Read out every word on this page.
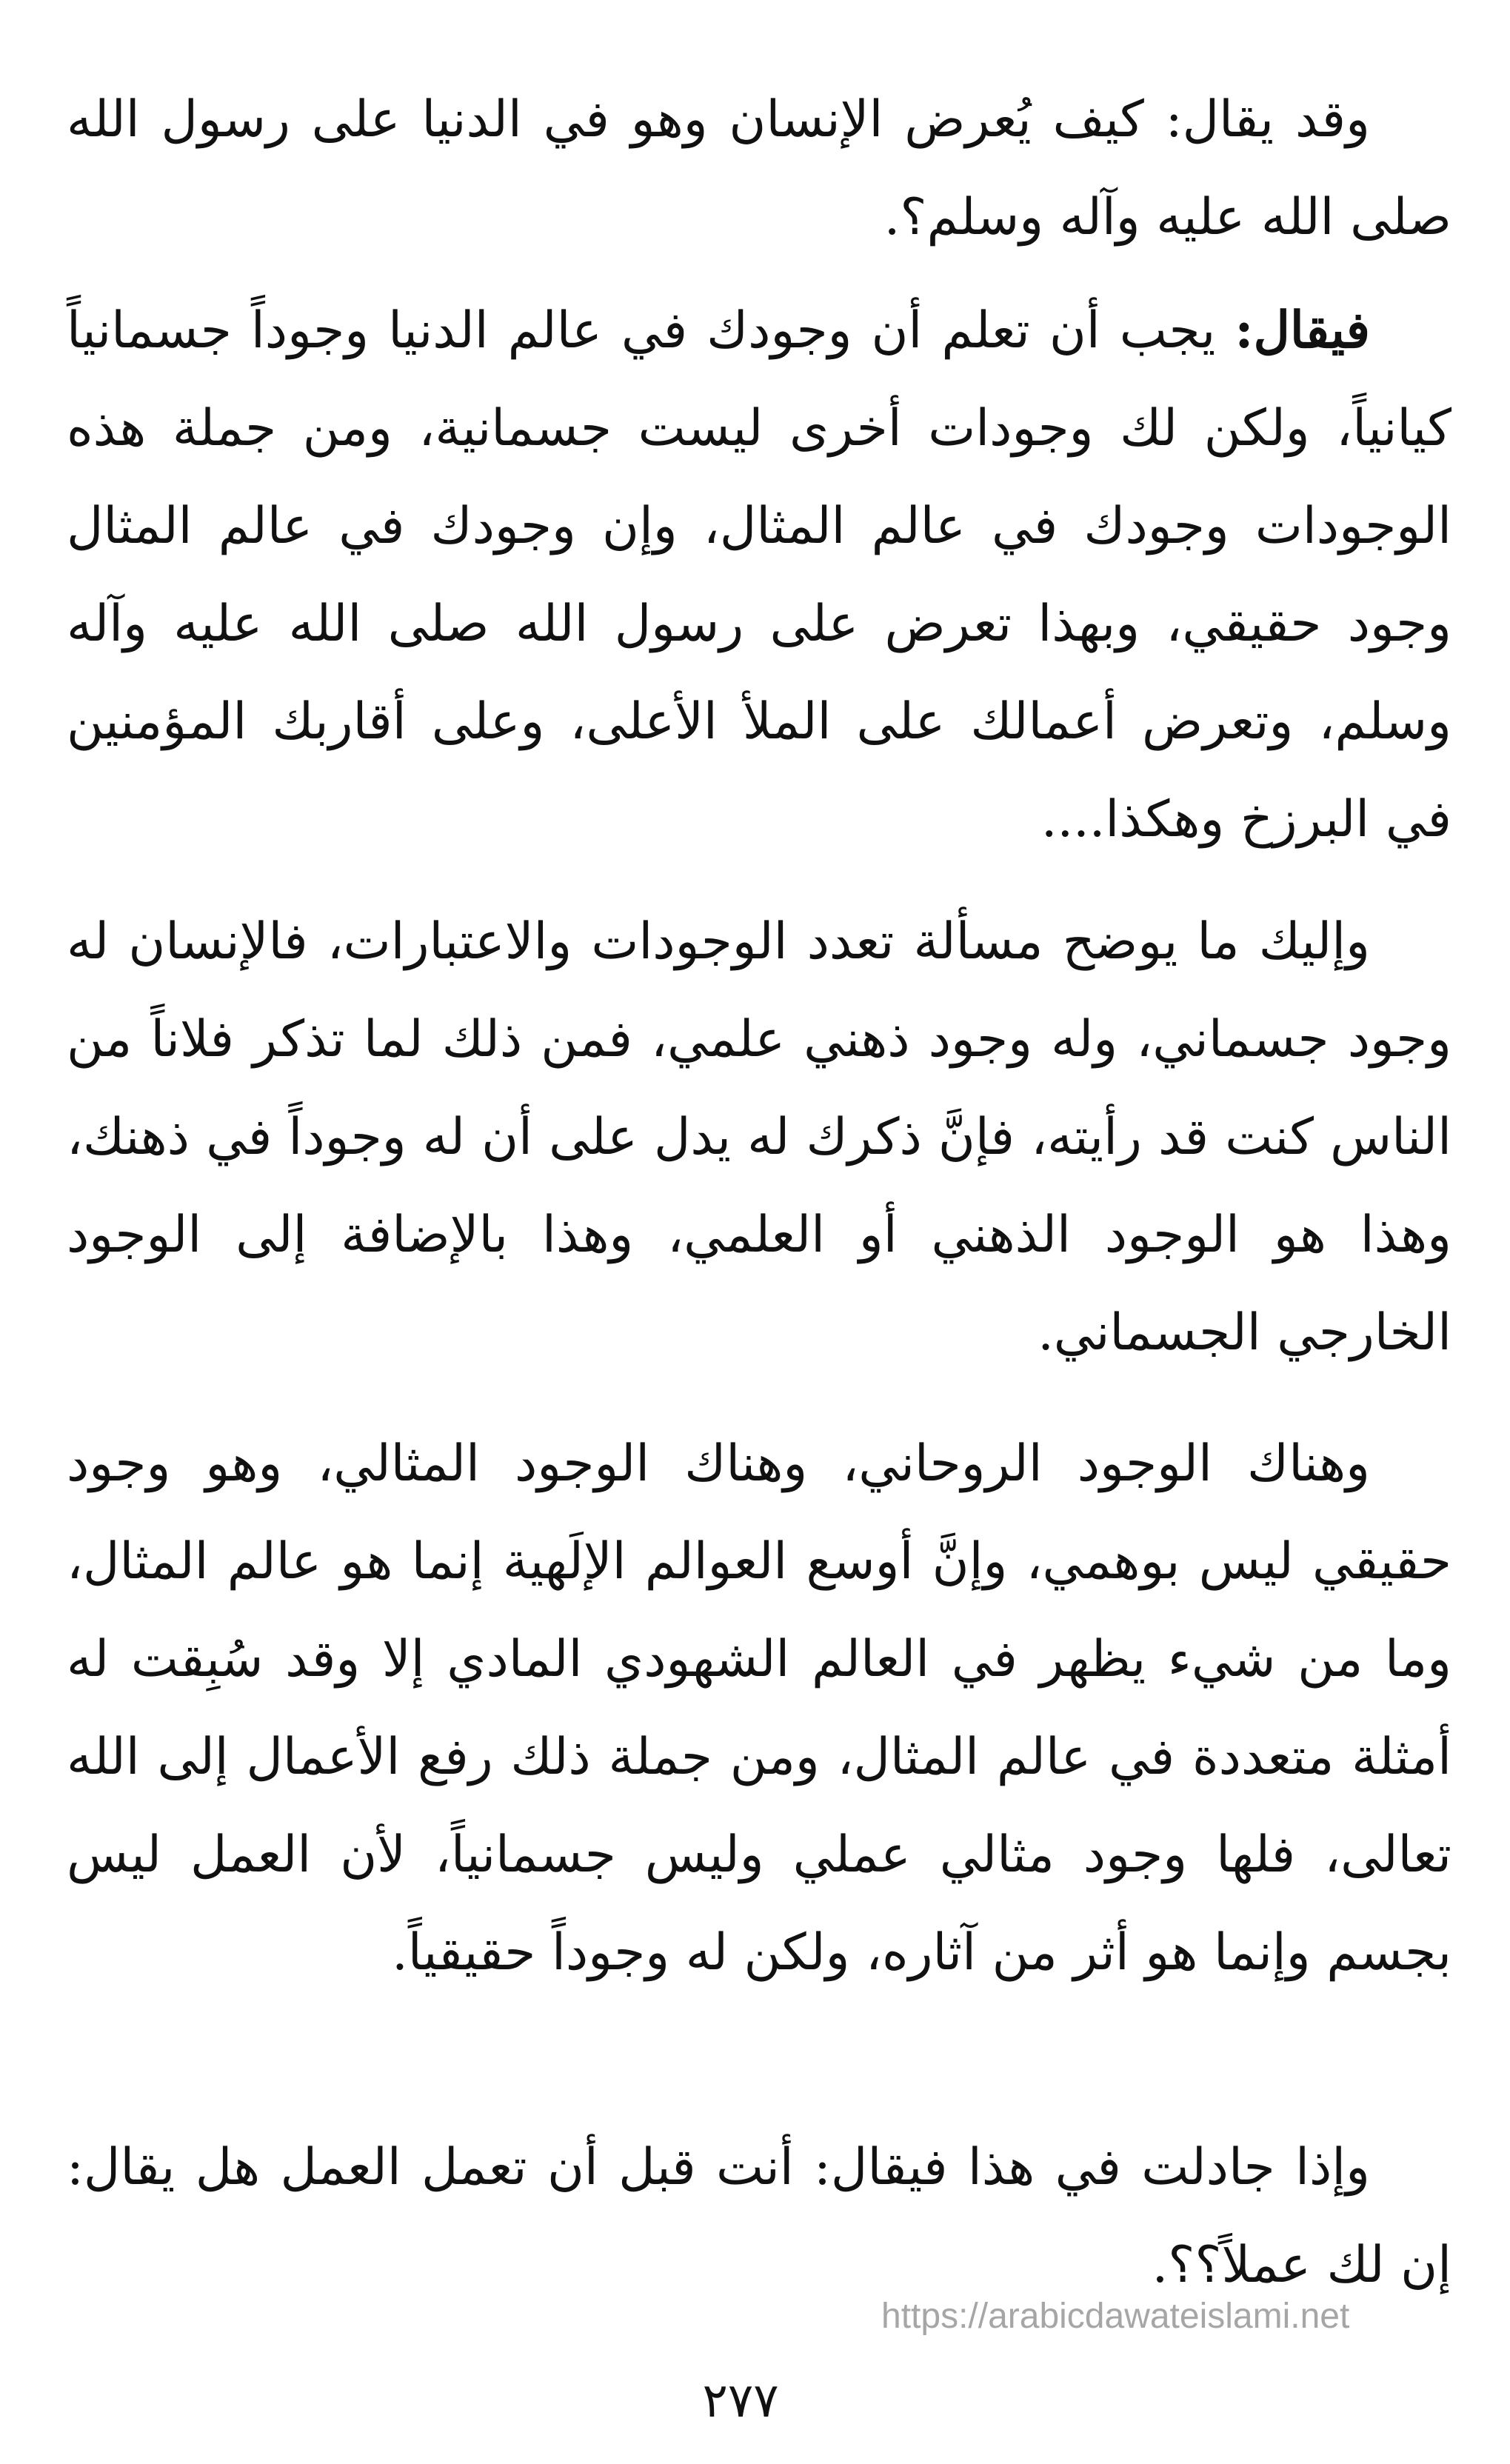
وقد يقال: كيف يُعرض الإنسان وهو في الدنيا على رسول الله صلى الله عليه وآله وسلم؟.

فيقال: يجب أن تعلم أن وجودك في عالم الدنيا وجوداً جسمانياً كيانياً، ولكن لك وجودات أخرى ليست جسمانية، ومن جملة هذه الوجودات وجودك في عالم المثال، وإن وجودك في عالم المثال وجود حقيقي، وبهذا تعرض على رسول الله صلى الله عليه وآله وسلم، وتعرض أعمالك على الملأ الأعلى، وعلى أقاربك المؤمنين في البرزخ وهكذا....

وإليك ما يوضح مسألة تعدد الوجودات والاعتبارات، فالإنسان له وجود جسماني، وله وجود ذهني علمي، فمن ذلك لما تذكر فلاناً من الناس كنت قد رأيته، فإنَّ ذكرك له يدل على أن له وجوداً في ذهنك، وهذا هو الوجود الذهني أو العلمي، وهذا بالإضافة إلى الوجود الخارجي الجسماني.

وهناك الوجود الروحاني، وهناك الوجود المثالي، وهو وجود حقيقي ليس بوهمي، وإنَّ أوسع العوالم الإلَهية إنما هو عالم المثال، وما من شيء يظهر في العالم الشهودي المادي إلا وقد سُبِقت له أمثلة متعددة في عالم المثال، ومن جملة ذلك رفع الأعمال إلى الله تعالى، فلها وجود مثالي عملي وليس جسمانياً، لأن العمل ليس بجسم وإنما هو أثر من آثاره، ولكن له وجوداً حقيقياً.

وإذا جادلت في هذا فيقال: أنت قبل أن تعمل العمل هل يقال: إن لك عملاً؟؟.

https://arabicdawateislami.net
٢٧٧
